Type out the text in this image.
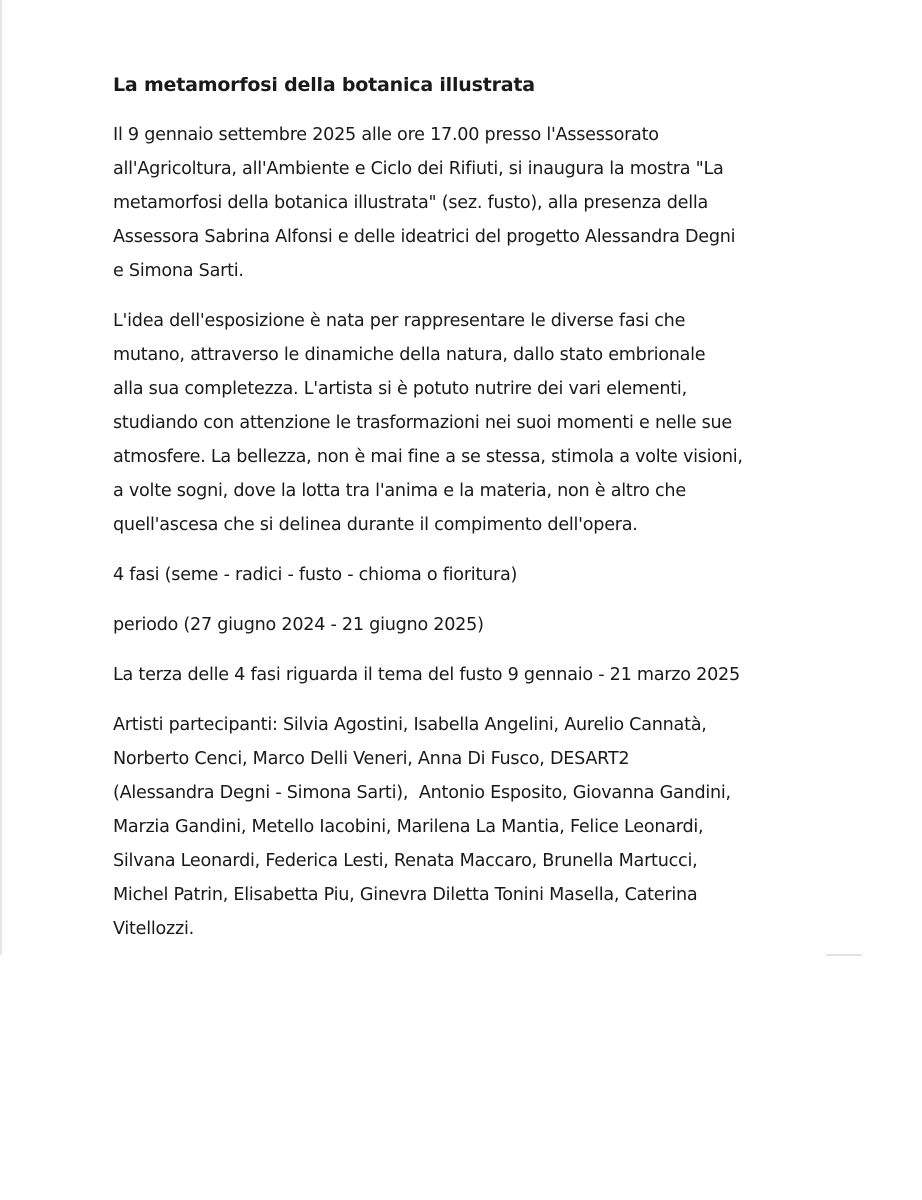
La metamorfosi della botanica illustrata

Il 9 gennaio settembre 2025 alle ore 17.00 presso l'Assessorato
all'Agricoltura, all'Ambiente e Ciclo dei Rifiuti, si inaugura la mostra "La
metamorfosi della botanica illustrata" (sez. fusto), alla presenza della
Assessora Sabrina Alfonsi e delle ideatrici del progetto Alessandra Degni
e Simona Sarti.

L'idea dell'esposizione è nata per rappresentare le diverse fasi che
mutano, attraverso le dinamiche della natura, dallo stato embrionale
alla sua completezza. L'artista si è potuto nutrire dei vari elementi,
studiando con attenzione le trasformazioni nei suoi momenti e nelle sue
atmosfere. La bellezza, non è mai fine a se stessa, stimola a volte visioni,
a volte sogni, dove la lotta tra l'anima e la materia, non è altro che
quell'ascesa che si delinea durante il compimento dell'opera.

4 fasi (seme - radici - fusto - chioma o fioritura)

periodo (27 giugno 2024 - 21 giugno 2025)

La terza delle 4 fasi riguarda il tema del fusto 9 gennaio - 21 marzo 2025

Artisti partecipanti: Silvia Agostini, Isabella Angelini, Aurelio Cannatà,
Norberto Cenci, Marco Delli Veneri, Anna Di Fusco, DESART2
(Alessandra Degni - Simona Sarti),  Antonio Esposito, Giovanna Gandini,
Marzia Gandini, Metello Iacobini, Marilena La Mantia, Felice Leonardi,
Silvana Leonardi, Federica Lesti, Renata Maccaro, Brunella Martucci,
Michel Patrin, Elisabetta Piu, Ginevra Diletta Tonini Masella, Caterina
Vitellozzi.
